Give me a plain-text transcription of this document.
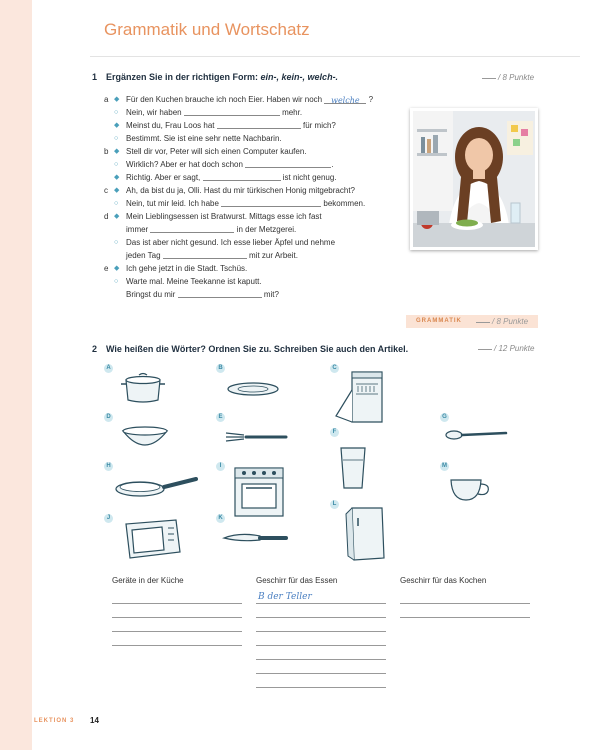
Grammatik und Wortschatz
1 Ergänzen Sie in der richtigen Form: ein-, kein-, welch-.	/ 8 Punkte
a ◆ Für den Kuchen brauche ich noch Eier. Haben wir noch welche ?
○ Nein, wir haben	mehr.
◆ Meinst du, Frau Loos hat	für mich?
○ Bestimmt. Sie ist eine sehr nette Nachbarin.
b ◆ Stell dir vor, Peter will sich einen Computer kaufen.
○ Wirklich? Aber er hat doch schon	.
◆ Richtig. Aber er sagt,	ist nicht genug.
c ◆ Ah, da bist du ja, Olli. Hast du mir türkischen Honig mitgebracht?
○ Nein, tut mir leid. Ich habe	bekommen.
d ◆ Mein Lieblingsessen ist Bratwurst. Mittags esse ich fast
immer	in der Metzgerei.
○ Das ist aber nicht gesund. Ich esse lieber Äpfel und nehme
jeden Tag	mit zur Arbeit.
e ◆ Ich gehe jetzt in die Stadt. Tschüs.
○ Warte mal. Meine Teekanne ist kaputt.
Bringst du mir	mit?
GRAMMATIK	/ 8 Punkte
2 Wie heißen die Wörter? Ordnen Sie zu. Schreiben Sie auch den Artikel.	/ 12 Punkte
A	B	C
D	E
F
G
H	I	M
J	K
L
Geräte in der Küche	Geschirr für das Essen	Geschirr für das Kochen
B der Teller
LEKTION 3 14
